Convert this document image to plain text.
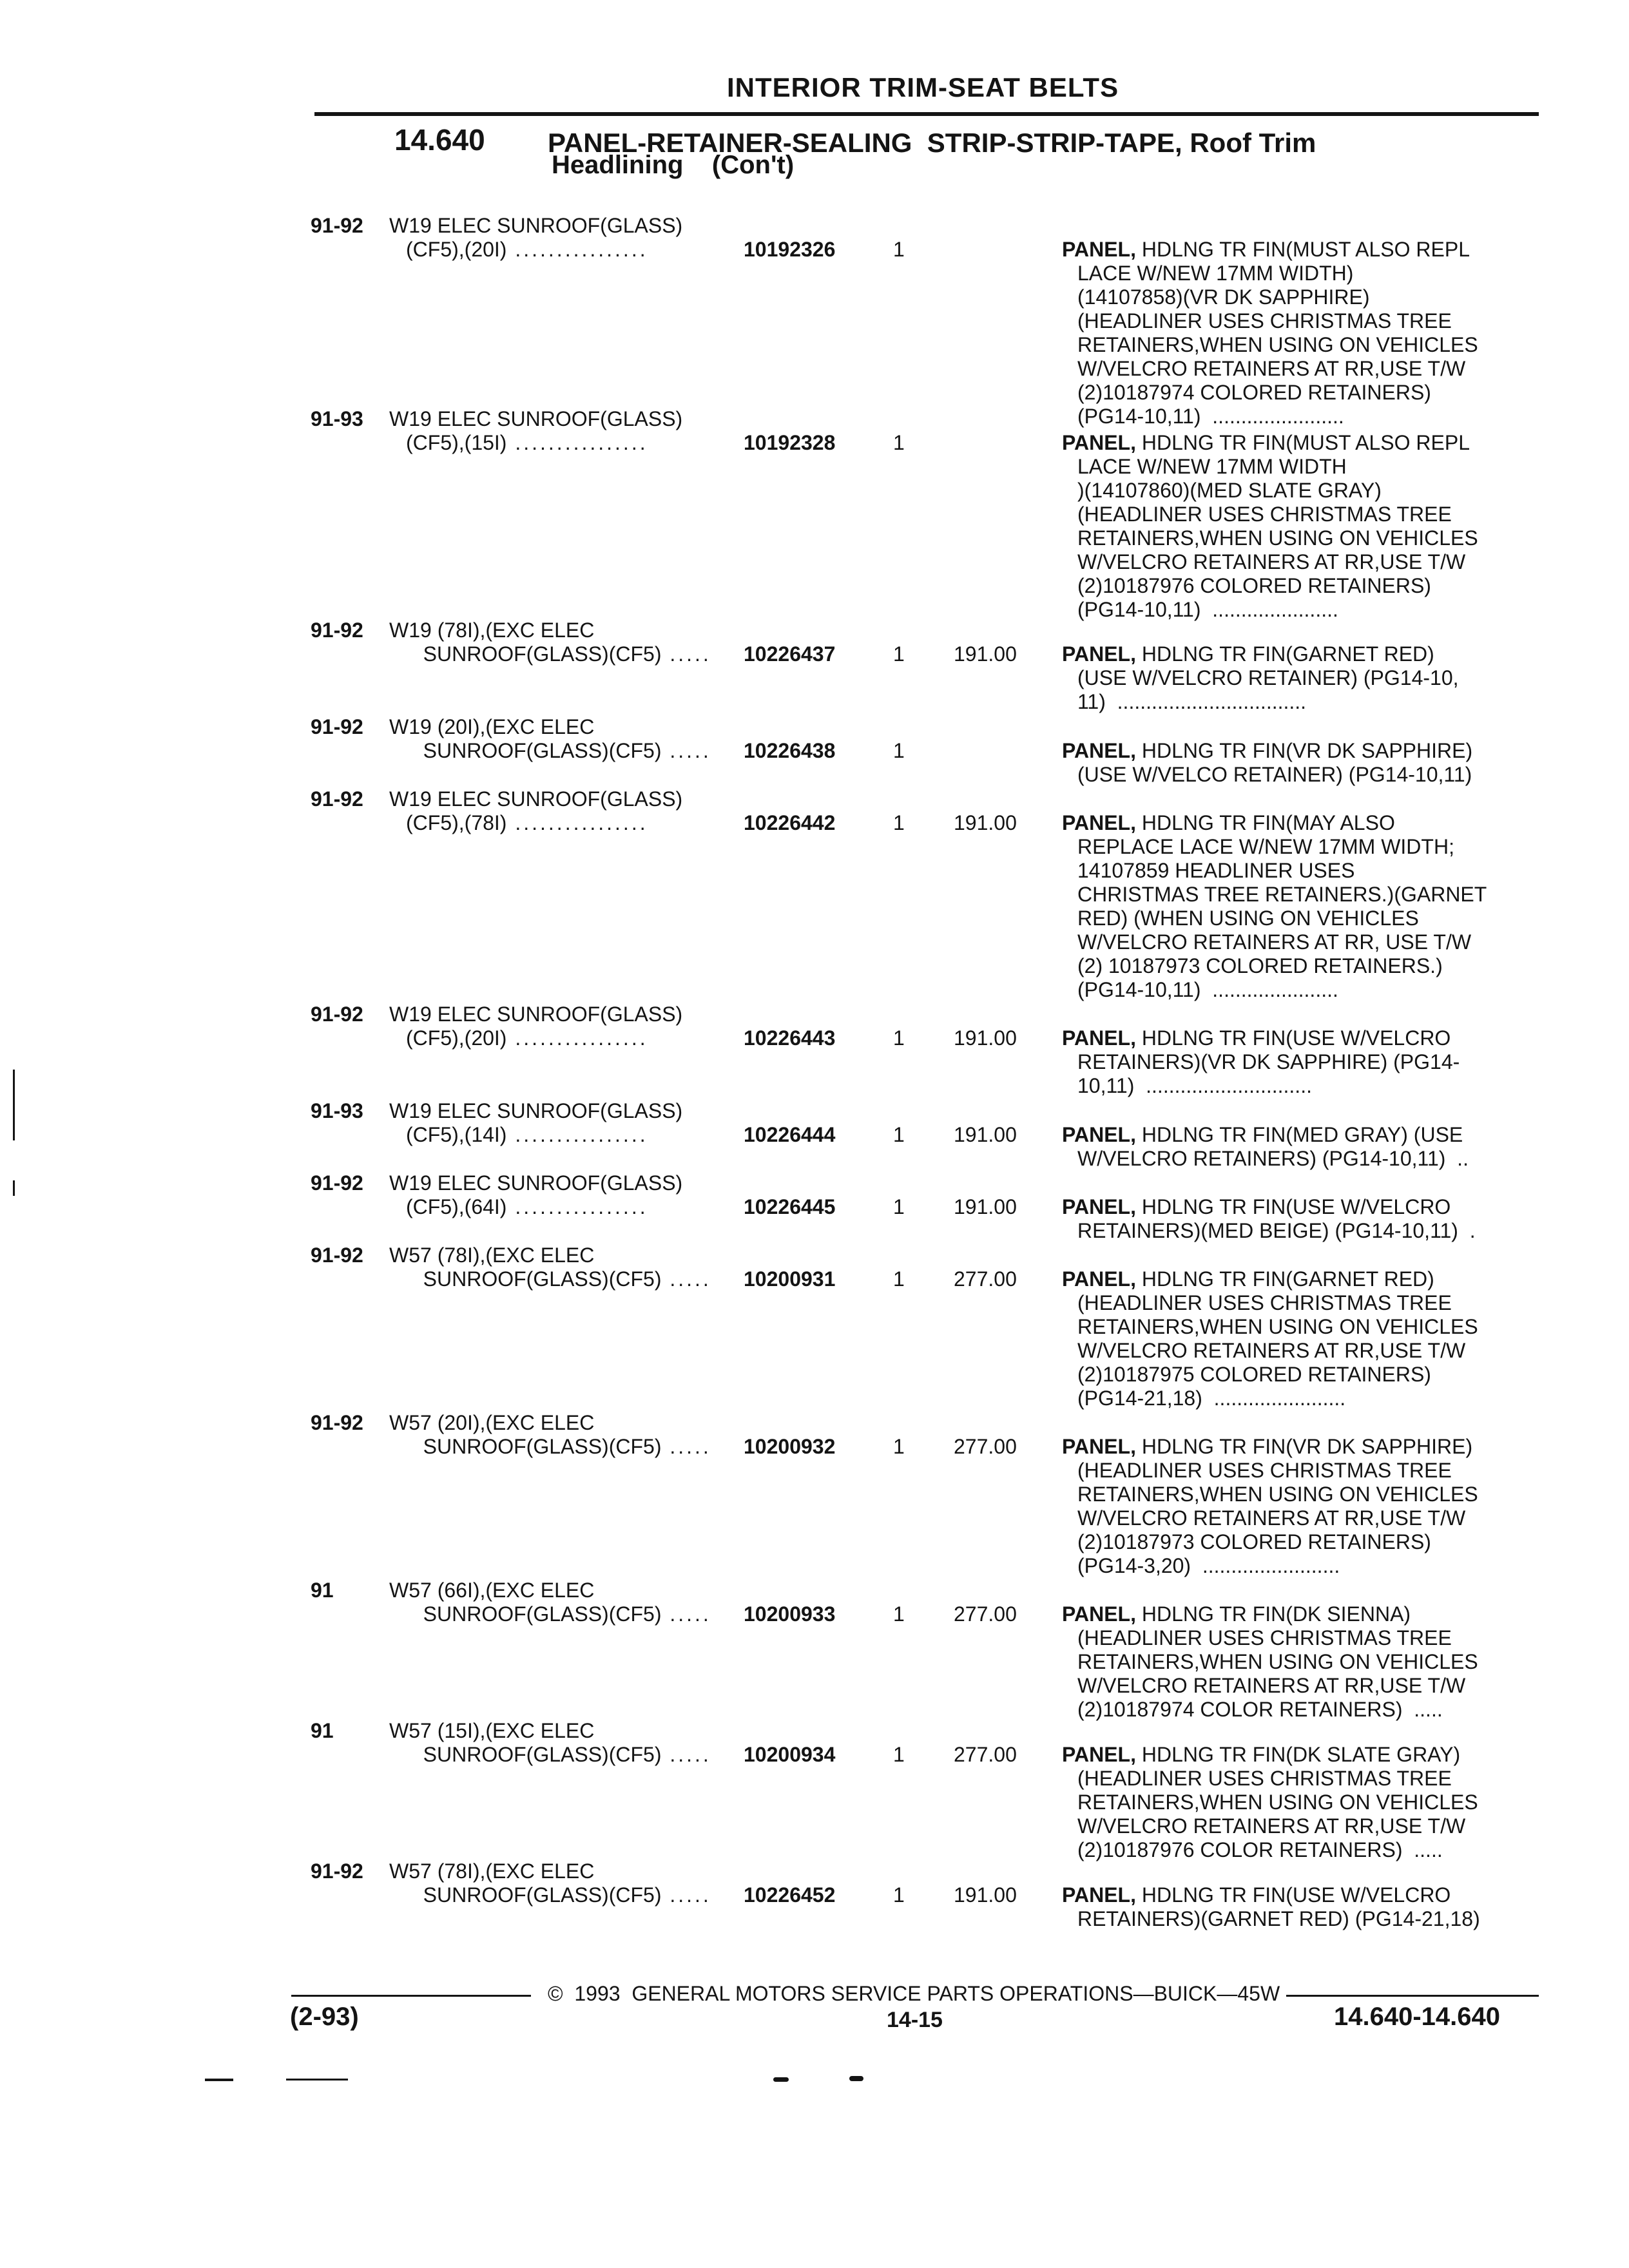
INTERIOR TRIM-SEAT BELTS
14.640 PANEL-RETAINER-SEALING  STRIP-STRIP-TAPE, Roof Trim
Headlining    (Con't)
91-92 W19 ELEC SUNROOF(GLASS)
(CF5),(20I) ................	10192326	1	PANEL, HDLNG TR FIN(MUST ALSO REPL
LACE W/NEW 17MM WIDTH)
(14107858)(VR DK SAPPHIRE)
(HEADLINER USES CHRISTMAS TREE
RETAINERS,WHEN USING ON VEHICLES
W/VELCRO RETAINERS AT RR,USE T/W
(2)10187974 COLORED RETAINERS)
(PG14-10,11)  .......................
91-93 W19 ELEC SUNROOF(GLASS)
(CF5),(15I) ................	10192328	1	PANEL, HDLNG TR FIN(MUST ALSO REPL
LACE W/NEW 17MM WIDTH
)(14107860)(MED SLATE GRAY)
(HEADLINER USES CHRISTMAS TREE
RETAINERS,WHEN USING ON VEHICLES
W/VELCRO RETAINERS AT RR,USE T/W
(2)10187976 COLORED RETAINERS)
(PG14-10,11)  ......................
91-92 W19 (78I),(EXC ELEC
SUNROOF(GLASS)(CF5) ..... 10226437	1 191.00 PANEL, HDLNG TR FIN(GARNET RED)
(USE W/VELCRO RETAINER) (PG14-10,
11)  .................................
91-92 W19 (20I),(EXC ELEC
SUNROOF(GLASS)(CF5) ..... 10226438	1	PANEL, HDLNG TR FIN(VR DK SAPPHIRE)
(USE W/VELCO RETAINER) (PG14-10,11)
91-92 W19 ELEC SUNROOF(GLASS)
(CF5),(78I) ................	10226442	1 191.00 PANEL, HDLNG TR FIN(MAY ALSO
REPLACE LACE W/NEW 17MM WIDTH;
14107859 HEADLINER USES
CHRISTMAS TREE RETAINERS.)(GARNET
RED) (WHEN USING ON VEHICLES
W/VELCRO RETAINERS AT RR, USE T/W
(2) 10187973 COLORED RETAINERS.)
(PG14-10,11)  ......................
91-92 W19 ELEC SUNROOF(GLASS)
(CF5),(20I) ................	10226443	1 191.00 PANEL, HDLNG TR FIN(USE W/VELCRO
RETAINERS)(VR DK SAPPHIRE) (PG14-
10,11)  .............................
91-93 W19 ELEC SUNROOF(GLASS)
(CF5),(14I) ................	10226444	1 191.00 PANEL, HDLNG TR FIN(MED GRAY) (USE
W/VELCRO RETAINERS) (PG14-10,11)  ..
91-92 W19 ELEC SUNROOF(GLASS)
(CF5),(64I) ................	10226445	1 191.00 PANEL, HDLNG TR FIN(USE W/VELCRO
RETAINERS)(MED BEIGE) (PG14-10,11)  .
91-92 W57 (78I),(EXC ELEC
SUNROOF(GLASS)(CF5) ..... 10200931	1 277.00 PANEL, HDLNG TR FIN(GARNET RED)
(HEADLINER USES CHRISTMAS TREE
RETAINERS,WHEN USING ON VEHICLES
W/VELCRO RETAINERS AT RR,USE T/W
(2)10187975 COLORED RETAINERS)
(PG14-21,18)  .......................
91-92 W57 (20I),(EXC ELEC
SUNROOF(GLASS)(CF5) ..... 10200932	1 277.00 PANEL, HDLNG TR FIN(VR DK SAPPHIRE)
(HEADLINER USES CHRISTMAS TREE
RETAINERS,WHEN USING ON VEHICLES
W/VELCRO RETAINERS AT RR,USE T/W
(2)10187973 COLORED RETAINERS)
(PG14-3,20)  ........................
91	W57 (66I),(EXC ELEC
SUNROOF(GLASS)(CF5) ..... 10200933	1 277.00 PANEL, HDLNG TR FIN(DK SIENNA)
(HEADLINER USES CHRISTMAS TREE
RETAINERS,WHEN USING ON VEHICLES
W/VELCRO RETAINERS AT RR,USE T/W
(2)10187974 COLOR RETAINERS)  .....
91	W57 (15I),(EXC ELEC
SUNROOF(GLASS)(CF5) ..... 10200934	1 277.00 PANEL, HDLNG TR FIN(DK SLATE GRAY)
(HEADLINER USES CHRISTMAS TREE
RETAINERS,WHEN USING ON VEHICLES
W/VELCRO RETAINERS AT RR,USE T/W
(2)10187976 COLOR RETAINERS)  .....
91-92 W57 (78I),(EXC ELEC
SUNROOF(GLASS)(CF5) ..... 10226452	1 191.00 PANEL, HDLNG TR FIN(USE W/VELCRO
RETAINERS)(GARNET RED) (PG14-21,18)
©  1993  GENERAL MOTORS SERVICE PARTS OPERATIONS—BUICK—45W
(2-93)	14-15	14.640-14.640
